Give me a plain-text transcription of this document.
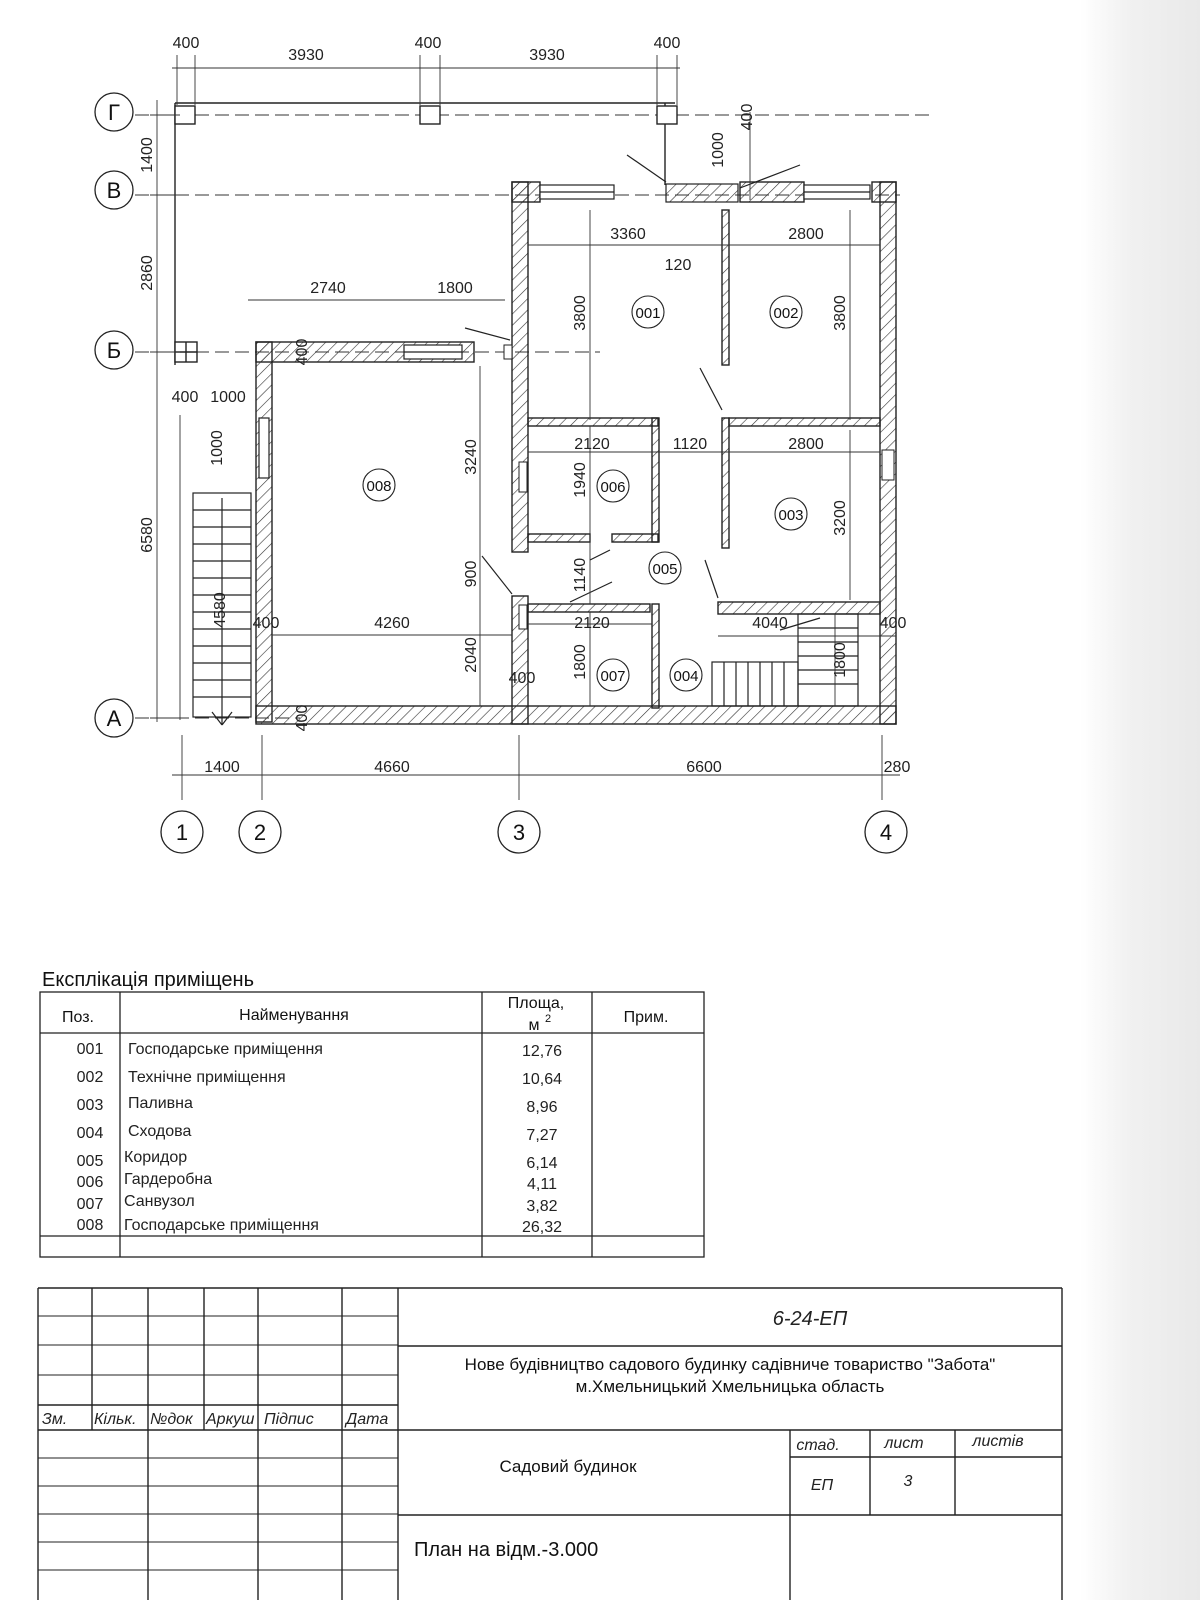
400
3930
400
3930
400
1400	4660	6600	280
1400
2860
6580
4580
400 1000
1000
400
1000
2740	1800
3360	2800
120
3800	3800
400
3240	2120	1120	2800
1940
3200
900	1140
400	4260	2120	4040	400
2040	1800	1800
400
400
Г
В
Б
А
1	2	3	4
001	002
003
004
005
006
007
008
Експлікація приміщень
Поз.	Найменування
Площа,
м 2	Прим.
001 Господарське приміщення	12,76
002 Технічне приміщення	10,64
003 Паливна	8,96
004 Сходова	7,27
005 Коридор	6,14
006 Гардеробна	4,11
007 Санвузол	3,82
008 Господарське приміщення	26,32
6-24-ЕП
Нове будівництво садового будинку садівниче товариство "Забота"
м.Хмельницький Хмельницька область
Зм. Кільк. №док Аркуш Підпис Дата
Садовий будинок
стад.	лист	листів
ЕП	3
План на відм.-3.000
